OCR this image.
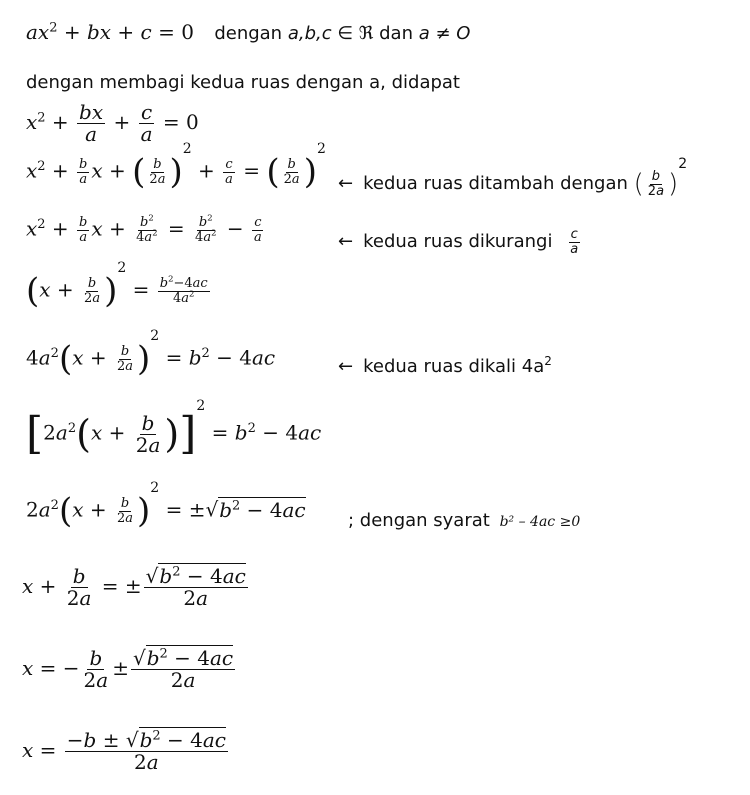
$ax^2$ + bx + c = 0 dengan a,b,c ∈ ℜ dan a ≠ O
dengan membagi kedua ruas dengan a, didapat
$x^2 + \frac{bx}{a} + \frac{c}{a} = 0$
$x^2 + \frac{b}{a}$ x + ( $\frac{b}{2a} )^2 + \frac{c}{a}$ = ( $\frac{b}{2a} )^2$
← kedua ruas ditambah dengan ( $\frac{b}{2a} )^2$
$x^2 + \frac{b}{a}$ $x + \frac{b^2}{4a^2} = \frac{b^2}{4a^2} - \frac{c}{a}$	← kedua ruas dikurangi $\frac{c}{a}$
$(x + \frac{b}{2a} )^2 = \frac{b^2-4ac}{4a^2}$
$4a^2(x + \frac{b}{2a} )^2 = b^2 - 4ac$	← kedua ruas dikali $4a^2$
$[2a^2(x + \frac{b}{2a} )]^2 = b^2 - 4ac$
$2a^2(x + \frac{b}{2a} )^2 = \pm√b^2 - 4ac$ ; dengan syarat b² – 4ac ≥0
$x + \frac{b}{2a}$ = ± $\frac{√b^2 - 4ac}{2a}$
x = − $\frac{b}{2a} \pm \frac{√b^2 - 4ac}{2a}$
$x = \frac{-b \pm √b^2 - 4ac}{2a}$
